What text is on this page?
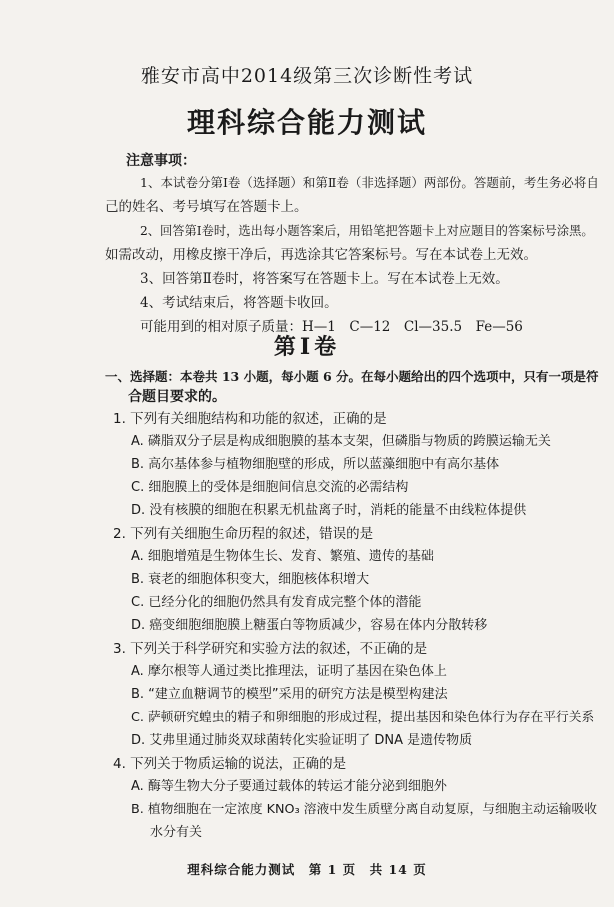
雅安市高中2014级第三次诊断性考试
理科综合能力测试
注意事项：
1、本试卷分第Ⅰ卷（选择题）和第Ⅱ卷（非选择题）两部份。答题前，考生务必将自
己的姓名、考号填写在答题卡上。
2、回答第Ⅰ卷时，选出每小题答案后，用铅笔把答题卡上对应题目的答案标号涂黑。
如需改动，用橡皮擦干净后，再选涂其它答案标号。写在本试卷上无效。
3、回答第Ⅱ卷时，将答案写在答题卡上。写在本试卷上无效。
4、考试结束后，将答题卡收回。
可能用到的相对原子质量：H—1　C—12　Cl—35.5　Fe—56
第Ⅰ卷
一、选择题：本卷共 13 小题，每小题 6 分。在每小题给出的四个选项中，只有一项是符
合题目要求的。
1. 下列有关细胞结构和功能的叙述，正确的是
A. 磷脂双分子层是构成细胞膜的基本支架，但磷脂与物质的跨膜运输无关
B. 高尔基体参与植物细胞壁的形成，所以蓝藻细胞中有高尔基体
C. 细胞膜上的受体是细胞间信息交流的必需结构
D. 没有核膜的细胞在积累无机盐离子时，消耗的能量不由线粒体提供
2. 下列有关细胞生命历程的叙述，错误的是
A. 细胞增殖是生物体生长、发育、繁殖、遗传的基础
B. 衰老的细胞体积变大，细胞核体积增大
C. 已经分化的细胞仍然具有发育成完整个体的潜能
D. 癌变细胞细胞膜上糖蛋白等物质减少，容易在体内分散转移
3. 下列关于科学研究和实验方法的叙述，不正确的是
A. 摩尔根等人通过类比推理法，证明了基因在染色体上
B. “建立血糖调节的模型”采用的研究方法是模型构建法
C. 萨顿研究蝗虫的精子和卵细胞的形成过程，提出基因和染色体行为存在平行关系
D. 艾弗里通过肺炎双球菌转化实验证明了 DNA 是遗传物质
4. 下列关于物质运输的说法，正确的是
A. 酶等生物大分子要通过载体的转运才能分泌到细胞外
B. 植物细胞在一定浓度 KNO₃ 溶液中发生质壁分离自动复原，与细胞主动运输吸收
水分有关
理科综合能力测试　第 1 页　共 14 页
